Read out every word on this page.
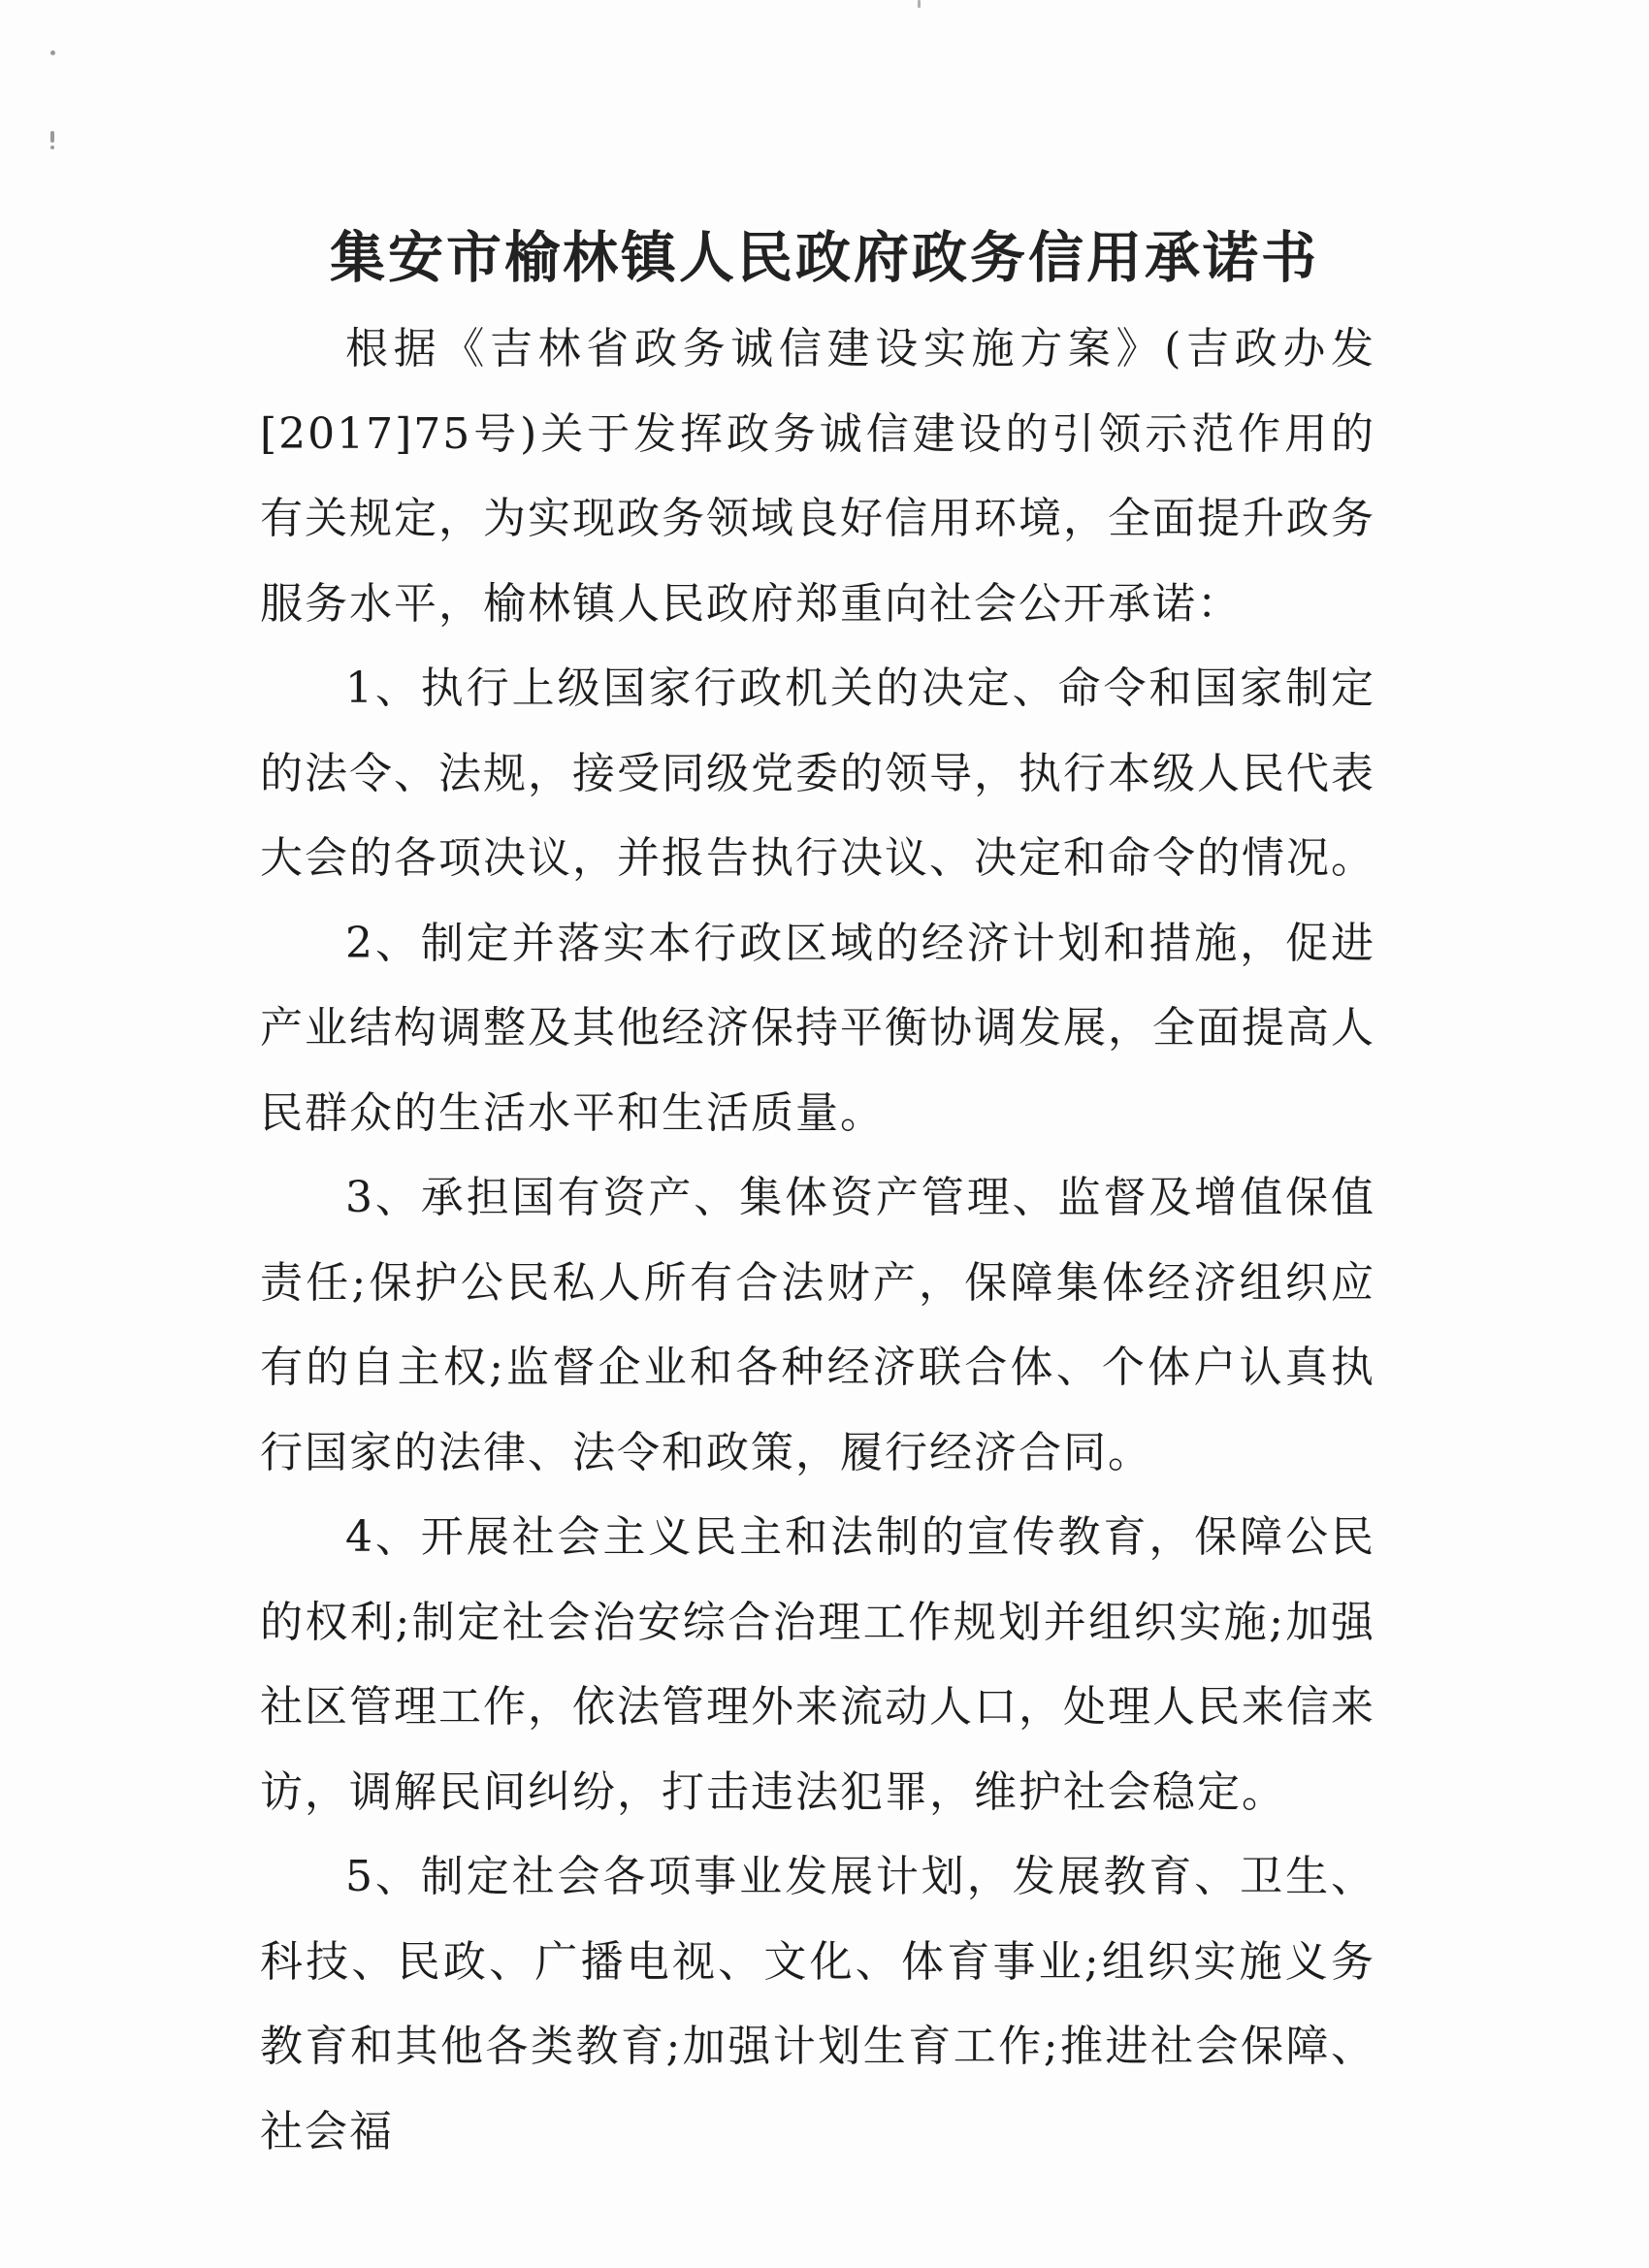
集安市榆林镇人民政府政务信用承诺书

根据《吉林省政务诚信建设实施方案》(吉政办发[2017]75号)关于发挥政务诚信建设的引领示范作用的有关规定，为实现政务领域良好信用环境，全面提升政务服务水平，榆林镇人民政府郑重向社会公开承诺：

1、执行上级国家行政机关的决定、命令和国家制定的法令、法规，接受同级党委的领导，执行本级人民代表大会的各项决议，并报告执行决议、决定和命令的情况。

2、制定并落实本行政区域的经济计划和措施，促进产业结构调整及其他经济保持平衡协调发展，全面提高人民群众的生活水平和生活质量。

3、承担国有资产、集体资产管理、监督及增值保值责任;保护公民私人所有合法财产，保障集体经济组织应有的自主权;监督企业和各种经济联合体、个体户认真执行国家的法律、法令和政策，履行经济合同。

4、开展社会主义民主和法制的宣传教育，保障公民的权利;制定社会治安综合治理工作规划并组织实施;加强社区管理工作，依法管理外来流动人口，处理人民来信来访，调解民间纠纷，打击违法犯罪，维护社会稳定。

5、制定社会各项事业发展计划，发展教育、卫生、科技、民政、广播电视、文化、体育事业;组织实施义务教育和其他各类教育;加强计划生育工作;推进社会保障、社会福
